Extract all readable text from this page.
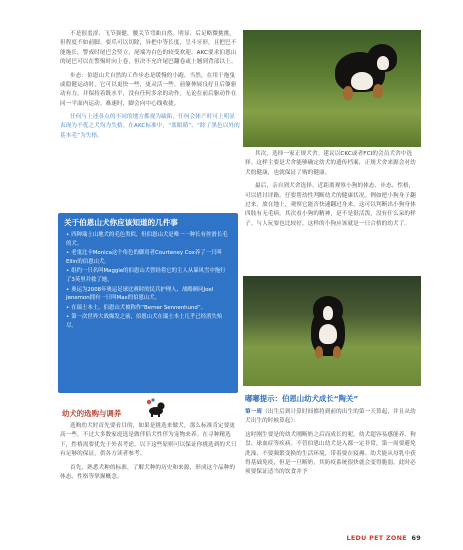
不是很羞涩、飞节强健，腰关节弯曲自然。明显、后足略微挑挑，但程度不如前脚。要爪可以切除，异把中等长度，呈斗牙形，且把巴不能拖长，警戒时尾巴会竖立，尾端为白色的较受欢迎。AKC要求伯恩山的尾巴可以在警惕时向上卷，但决不允许尾巴翻卷或上翘到背部以上。

步态：伯恩山犬自然的工作步态是缓慢的小跑。当然，在用于拖曳或稳健运动时，它可以更快一些，更灵活一些。前躯伸展良好且后躯驱动有力，并保持着既水平，没有任何多余的动作，无论在前后躯动作在同一平面内运动。难速时，脚会向中心线收拢。

任何与上述各点的不同的地方都视为缺陷，任何会体产时可上明显表现为不优之犬均为失格。在AKC标准中，“蓝眼睛”、“除了黑色以外的基本毛”为失格。

其次，选择一家正规犬舍。建议以CKC或者FCI的会员犬舍中选择。这样主要是犬舍能够确定幼犬的遗传档案，正规犬舍来源会对幼犬的健康，也就保证了购的健康。

最后，亲自到犬舍选择。近距离观察小狗的体态、步态、性格，可以借讨评路。仔要帮幼性判断幼犬的健康状况。例如把小狗身子翻过来，放在地上，观察它能否快速翻过身来，这可以判断出小狗身体四肢有无毛病。其次看小狗的精神，是不是很活泼，没有什么呆的样子。与人玩耍也比较好，这样的小狗应该就是一只合格的幼犬了。

关于伯恩山犬你应该知道的几件事
• 四种瑞士山地犬的毛色类似，但伯恩山犬是唯一一种长有丝滑长毛的犬。
• 老鬼比卡Monica这个角色的御用者Courteney Cox养了一只叫Ellin的伯恩山犬。
• 组约一只名叫Maggie的伯恩山犬曾经将它的主人从暴风雪中拖行了3英里并救了她。
• 奥运为2008年奥运足球比赛时的民兵护理人、战略顾问Joel Jenemon拥有一只叫Max的伯恩山犬。
• 在瑞士本土，伯恩山犬被称作“Berner Sennenhund”。
• 第一次世界大战爆发之前，伯恩山犬在瑞士本土几乎已经消失殆尽。
幼犬的选购与调养

选购幼犬时首先要看目的，如果是挑选来做犬，那么标准肯定要更高一些，不过大多数家庭选是做伴侣犬性伴为宠物来养。在寻种精选下，性格需要优先于外表考虑。以下这些原则可以保证你挑选到的犬只有足够的保证，供各方读者参考。

首先，熟悉犬种的标准，了解犬种的历史和来源，形成这个品种的体态、性格等掌握概念。

嘟嘟提示：伯恩山幼犬成长“陶关”

第一周（出生后到计算时间都将到前的出生的第一天算起，并且从幼犬出生的时候算起）：

这时刚生要是的幼犬刚断奶之后而成长的呢，幼犬超容易感能养、狗盘、球血症等疾病。不管伯恩山幼犬是入都一定非常，第一周要避免洗澡，不要频繁变换的生活环境，带着要在寝褥。幼犬能从母乳中获得基础免疫，但是一旦断奶，其防疫系统很快就会变得脆弱，此时必须要保证适当的饮食并予

LEDU PET ZONE 69
